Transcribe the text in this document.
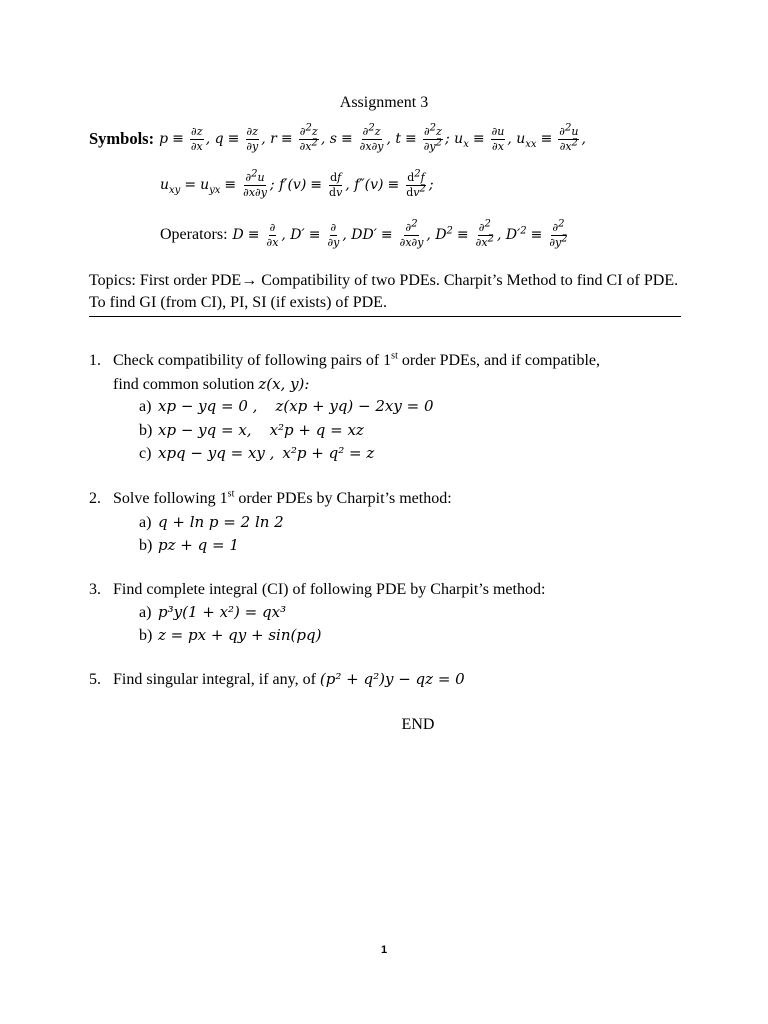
Assignment 3
Symbols: $p \equiv \frac{\partial z}{\partial x}$ , $q \equiv \frac{\partial z}{\partial y}$ , $r \equiv \frac{\partial^2z}{\partial x^2}$ , $s \equiv \frac{\partial^2z}{\partial x\partial y}$ , $t \equiv \frac{\partial^2z}{\partial y^2}$ ; $u_x \equiv \frac{\partial u}{\partial x}$ , $u_{xx} \equiv \frac{\partial^2u}{\partial x^2}$ ,
$u_{xy} = u_{yx} \equiv \frac{\partial^2u}{\partial x\partial y}$ ; $f'(v) \equiv \frac{df}{dv}$ , $f''(v) \equiv \frac{d^2f}{dv^2}$ ;
Operators: $D \equiv \frac{\partial}{\partial x}$ , $D' \equiv \frac{\partial}{\partial y}$ , $DD' \equiv \frac{\partial^2}{\partial x\partial y}$ , $D^2 \equiv \frac{\partial^2}{\partial x^2}$ , $D'^2 \equiv \frac{\partial^2}{\partial y^2}$
Topics: First order PDE→ Compatibility of two PDEs. Charpit’s Method to find CI of PDE. To find GI (from CI), PI, SI (if exists) of PDE.
1. Check compatibility of following pairs of 1st order PDEs, and if compatible,
find common solution z(x, y):
a) xp − yq = 0 , z(xp + yq) − 2xy = 0
b) xp − yq = x, x²p + q = xz
c) xpq − yq = xy , x²p + q² = z
2. Solve following 1st order PDEs by Charpit’s method:
a) q + ln p = 2 ln 2
b) pz + q = 1
3. Find complete integral (CI) of following PDE by Charpit’s method:
a) p³y(1 + x²) = qx³
b) z = px + qy + sin(pq)
5. Find singular integral, if any, of (p² + q²)y − qz = 0
END
1
